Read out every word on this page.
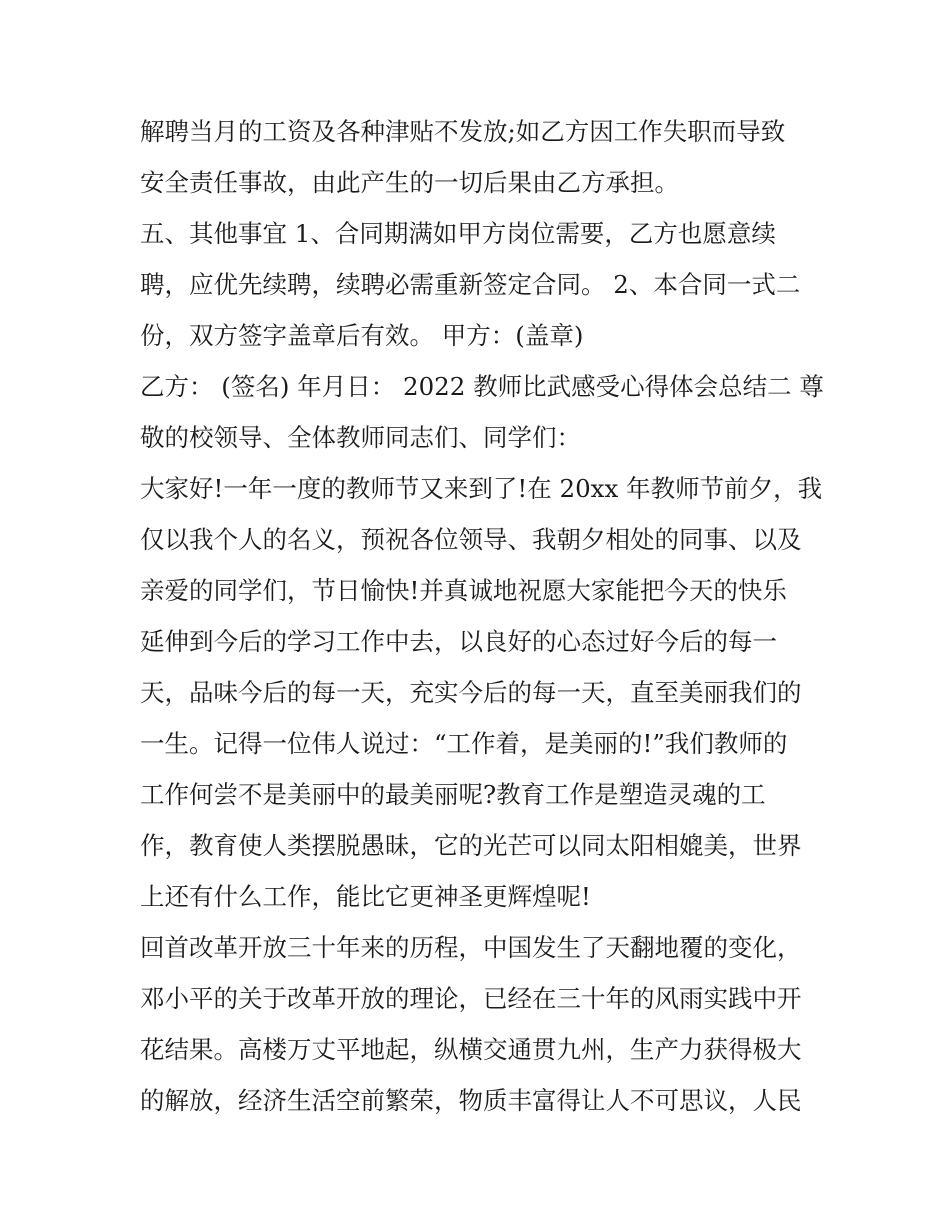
解聘当月的工资及各种津贴不发放;如乙方因工作失职而导致
安全责任事故，由此产生的一切后果由乙方承担。
五、其他事宜 1、合同期满如甲方岗位需要，乙方也愿意续
聘，应优先续聘，续聘必需重新签定合同。 2、本合同一式二
份，双方签字盖章后有效。 甲方：(盖章)
乙方： (签名) 年月日： 2022 教师比武感受心得体会总结二 尊
敬的校领导、全体教师同志们、同学们：
大家好!一年一度的教师节又来到了!在 20xx 年教师节前夕，我
仅以我个人的名义，预祝各位领导、我朝夕相处的同事、以及
亲爱的同学们，节日愉快!并真诚地祝愿大家能把今天的快乐
延伸到今后的学习工作中去，以良好的心态过好今后的每一
天，品味今后的每一天，充实今后的每一天，直至美丽我们的
一生。记得一位伟人说过：“工作着，是美丽的!”我们教师的
工作何尝不是美丽中的最美丽呢?教育工作是塑造灵魂的工
作，教育使人类摆脱愚昧，它的光芒可以同太阳相媲美，世界
上还有什么工作，能比它更神圣更辉煌呢!
回首改革开放三十年来的历程，中国发生了天翻地覆的变化，
邓小平的关于改革开放的理论，已经在三十年的风雨实践中开
花结果。高楼万丈平地起，纵横交通贯九州，生产力获得极大
的解放，经济生活空前繁荣，物质丰富得让人不可思议，人民
